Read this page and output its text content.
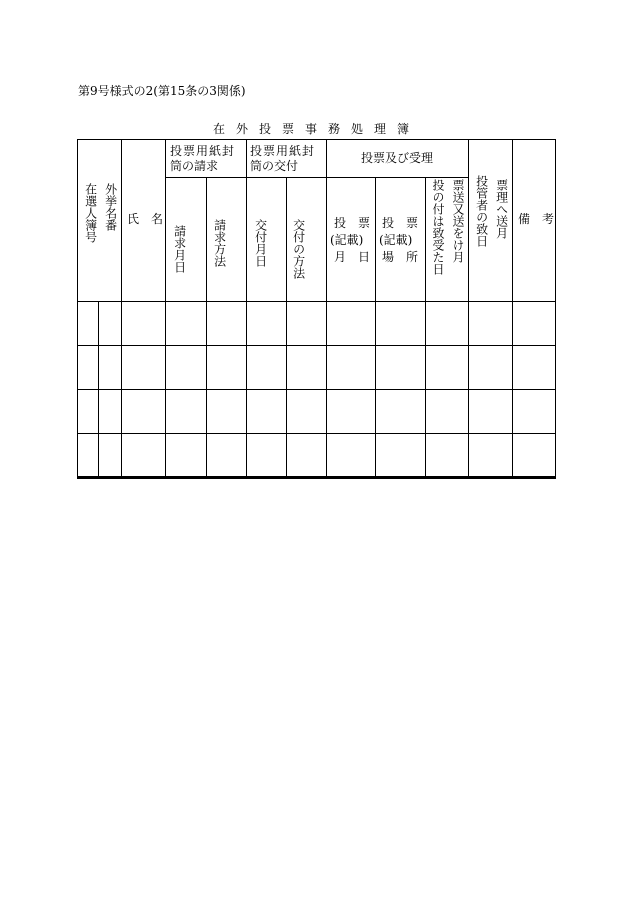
第9号様式の2(第15条の3関係)
在外投票事務処理簿
外挙名番
在選人簿号 氏　名
投票用紙封
筒の請求
投票用紙封
筒の交付
投票及び受理
請求月日 請求方法 交付月日 交付の方法 投　票
(記載)
月　日
投　票
(記載)
場　所	票送又送をけ月
投の付は致受た日	票理へ送月
投管者の致日 備　考
